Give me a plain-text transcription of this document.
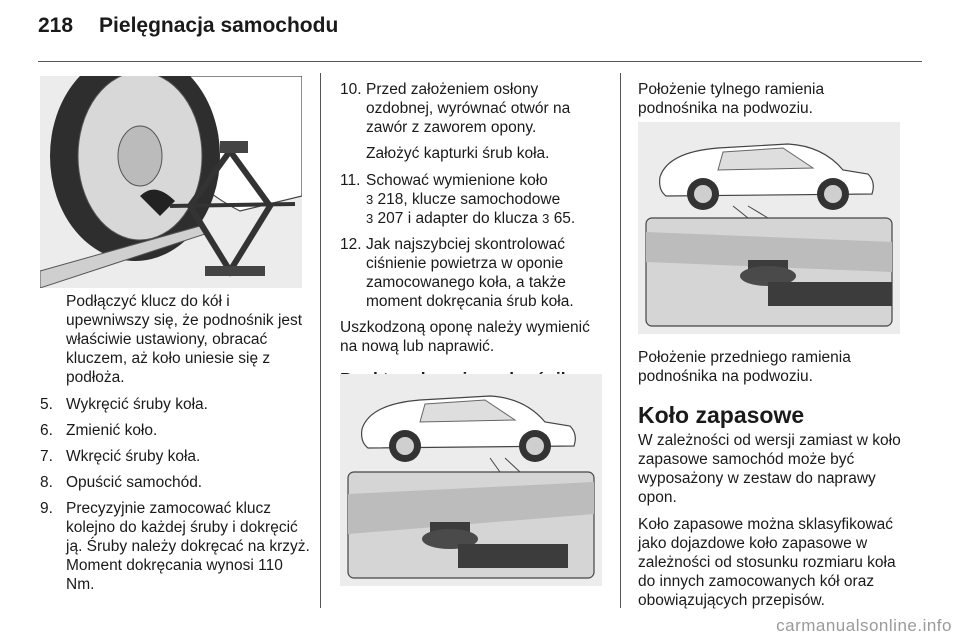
218 Pielęgnacja samochodu

Podłączyć klucz do kół i upewniwszy się, że podnośnik jest właściwie ustawiony, obracać kluczem, aż koło uniesie się z podłoża.

5. Wykręcić śruby koła.
6. Zmienić koło.
7. Wkręcić śruby koła.
8. Opuścić samochód.
9. Precyzyjnie zamocować klucz kolejno do każdej śruby i dokręcić ją. Śruby należy dokręcać na krzyż. Moment dokręcania wynosi 110 Nm.
10. Przed założeniem osłony ozdobnej, wyrównać otwór na zawór z zaworem opony.

Założyć kapturki śrub koła.

11. Schować wymienione koło
3 218, klucze samochodowe
3 207 i adapter do klucza 3 65.
12. Jak najszybciej skontrolować ciśnienie powietrza w oponie zamocowanego koła, a także moment dokręcania śrub koła.

Uszkodzoną oponę należy wymienić na nową lub naprawić.

Położenie tylnego ramienia podnośnika na podwoziu.

Położenie przedniego ramienia podnośnika na podwoziu.

Koło zapasowe

W zależności od wersji zamiast w koło zapasowe samochód może być wyposażony w zestaw do naprawy opon.

Koło zapasowe można sklasyfikować jako dojazdowe koło zapasowe w zależności od stosunku rozmiaru koła do innych zamocowanych kół oraz obowiązujących przepisów.

carmanualsonline.info
